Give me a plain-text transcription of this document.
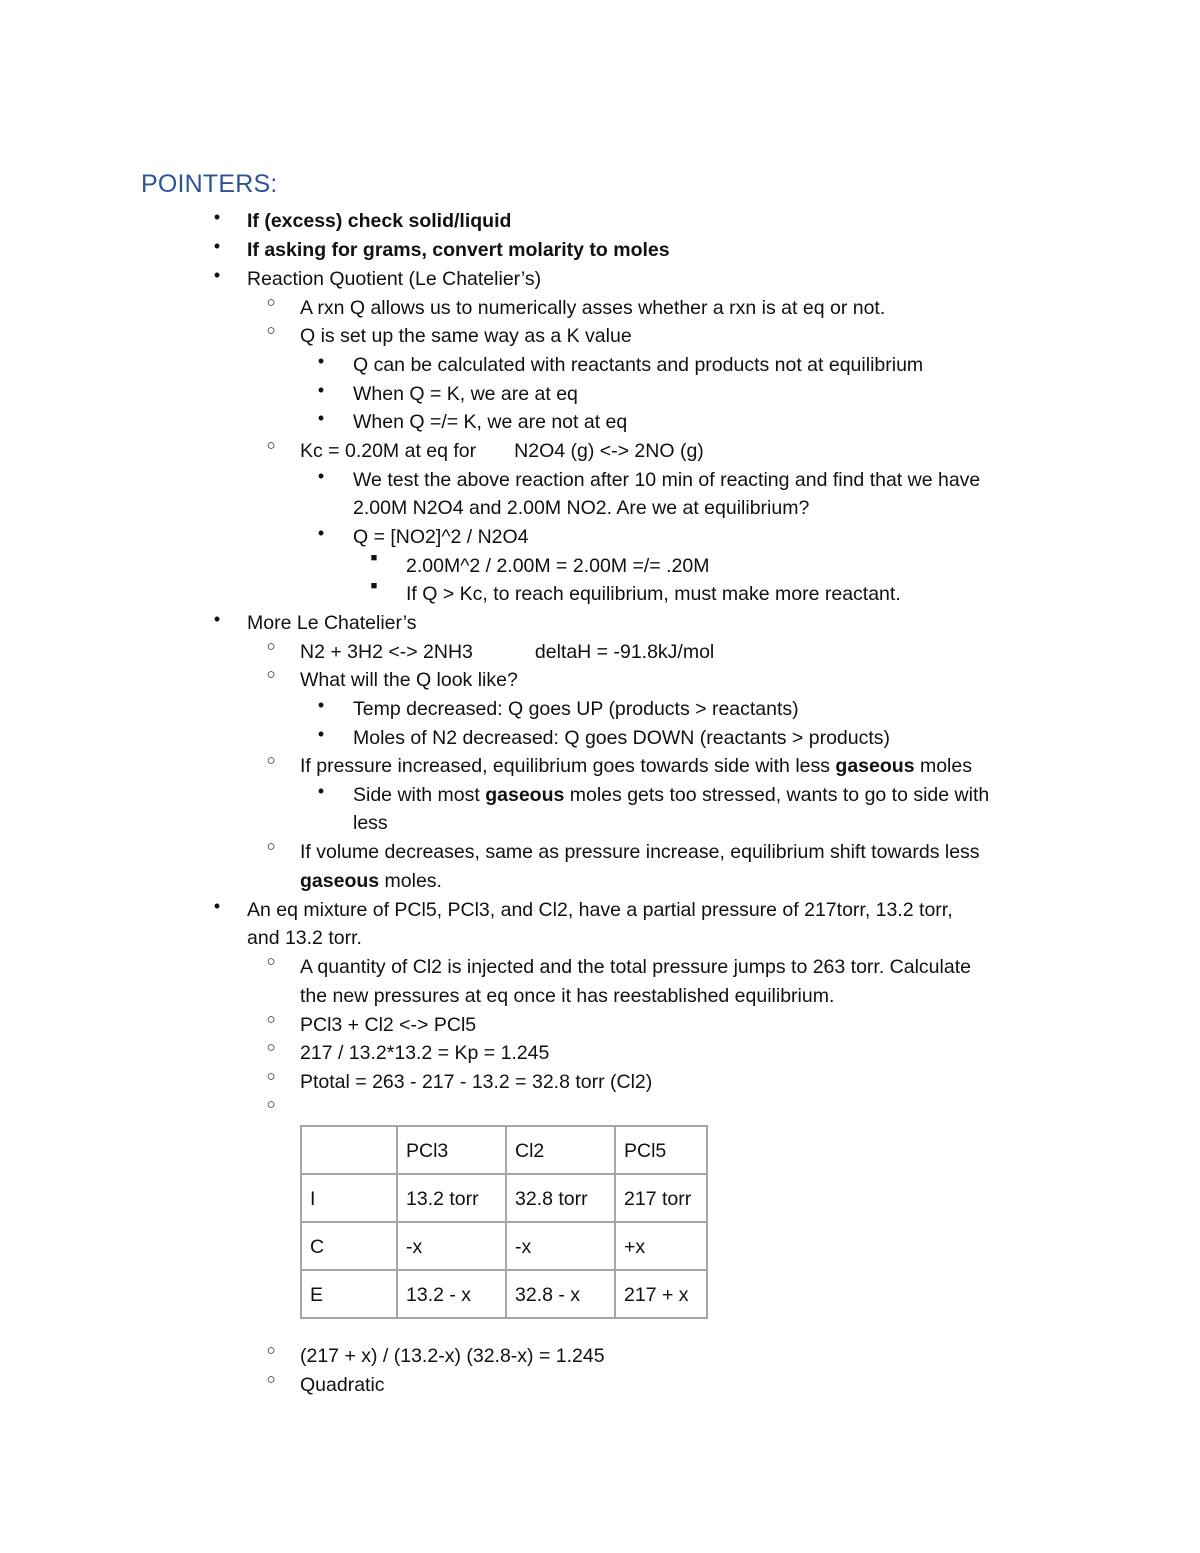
POINTERS:
• If (excess) check solid/liquid
• If asking for grams, convert molarity to moles
• Reaction Quotient (Le Chatelier’s)
○ A rxn Q allows us to numerically asses whether a rxn is at eq or not.
○ Q is set up the same way as a K value
• Q can be calculated with reactants and products not at equilibrium
• When Q = K, we are at eq
• When Q =/= K, we are not at eq
○ Kc = 0.20M at eq for N2O4 (g) <-> 2NO (g)
• We test the above reaction after 10 min of reacting and find that we have
2.00M N2O4 and 2.00M NO2. Are we at equilibrium?
• Q = [NO2]^2 / N2O4
■ 2.00M^2 / 2.00M = 2.00M =/= .20M
■ If Q > Kc, to reach equilibrium, must make more reactant.
• More Le Chatelier’s
○ N2 + 3H2 <-> 2NH3	deltaH = -91.8kJ/mol
○ What will the Q look like?
• Temp decreased: Q goes UP (products > reactants)
• Moles of N2 decreased: Q goes DOWN (reactants > products)
○ If pressure increased, equilibrium goes towards side with less gaseous moles
• Side with most gaseous moles gets too stressed, wants to go to side with
less
○ If volume decreases, same as pressure increase, equilibrium shift towards less
gaseous moles.
• An eq mixture of PCl5, PCl3, and Cl2, have a partial pressure of 217torr, 13.2 torr,
and 13.2 torr.
○ A quantity of Cl2 is injected and the total pressure jumps to 263 torr. Calculate
the new pressures at eq once it has reestablished equilibrium.
○ PCl3 + Cl2 <-> PCl5
○ 217 / 13.2*13.2 = Kp = 1.245
○ Ptotal = 263 - 217 - 13.2 = 32.8 torr (Cl2)
○
	PCl3	Cl2	PCl5
I	13.2 torr	32.8 torr	217 torr
C	-x	-x	+x
E	13.2 - x	32.8 - x	217 + x
○ (217 + x) / (13.2-x) (32.8-x) = 1.245
○ Quadratic
